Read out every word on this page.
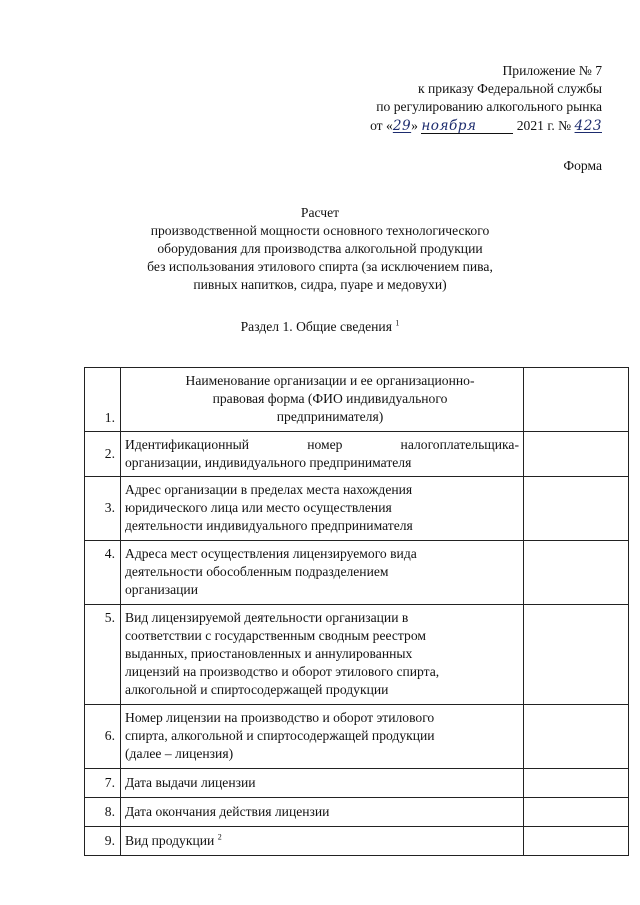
Приложение № 7
к приказу Федеральной службы
по регулированию алкогольного рынка
от «29» ноября	2021 г. № 423
Форма
Расчет
производственной мощности основного технологического
оборудования для производства алкогольной продукции
без использования этилового спирта (за исключением пива,
пивных напитков, сидра, пуаре и медовухи)
Раздел 1. Общие сведения $^1$
1.	Наименование организации и ее организационно-
правовая форма (ФИО индивидуального
предпринимателя)	

2.	Идентификационный номер налогоплательщика-
организации, индивидуального предпринимателя	

3.	Адрес организации в пределах места нахождения
юридического лица или место осуществления
деятельности индивидуального предпринимателя	

4.	Адреса мест осуществления лицензируемого вида
деятельности обособленным подразделением
организации	

5.	Вид лицензируемой деятельности организации в
соответствии с государственным сводным реестром
выданных, приостановленных и аннулированных
лицензий на производство и оборот этилового спирта,
алкогольной и спиртосодержащей продукции	

6.	Номер лицензии на производство и оборот этилового
спирта, алкогольной и спиртосодержащей продукции
(далее – лицензия)	

7.	Дата выдачи лицензии	

8.	Дата окончания действия лицензии	

9.	Вид продукции $^2$
